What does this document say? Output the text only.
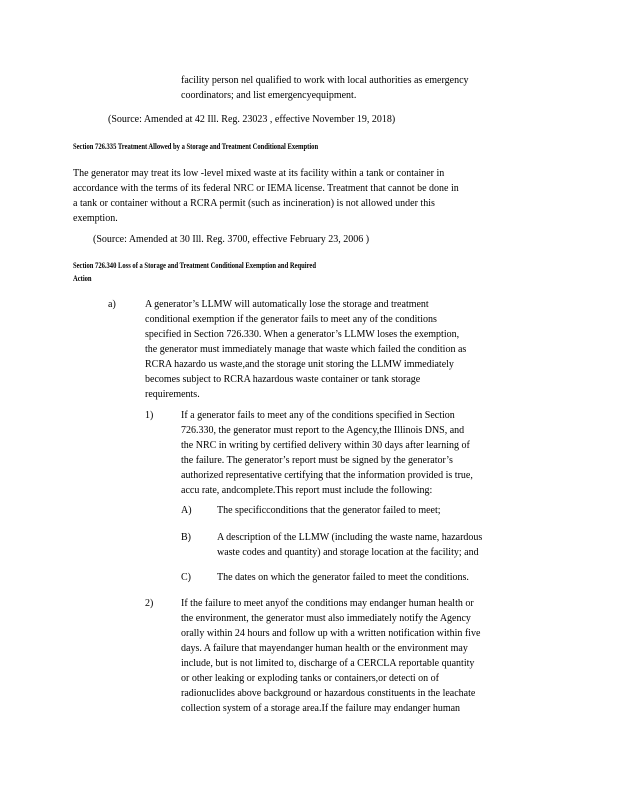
facility person nel qualified to work with local authorities as emergency
coordinators; and list emergencyequipment.
(Source: Amended at 42 Ill. Reg. 23023 , effective November 19, 2018)
Section 726.335 Treatment Allowed by a Storage and Treatment Conditional Exemption
The generator may treat its low -level mixed waste at its facility within a tank or container in
accordance with the terms of its federal NRC or IEMA license. Treatment that cannot be done in
a tank or container without a RCRA permit (such as incineration) is not allowed under this
exemption.
(Source: Amended at 30 Ill. Reg. 3700, effective February 23, 2006 )
Section 726.340 Loss of a Storage and Treatment Conditional Exemption and Required
Action
a)	A generator’s LLMW will automatically lose the storage and treatment
conditional exemption if the generator fails to meet any of the conditions
specified in Section 726.330. When a generator’s LLMW loses the exemption,
the generator must immediately manage that waste which failed the condition as
RCRA hazardo us waste,and the storage unit storing the LLMW immediately
becomes subject to RCRA hazardous waste container or tank storage
requirements.
1)	If a generator fails to meet any of the conditions specified in Section
726.330, the generator must report to the Agency,the Illinois DNS, and
the NRC in writing by certified delivery within 30 days after learning of
the failure. The generator’s report must be signed by the generator’s
authorized representative certifying that the information provided is true,
accu rate, andcomplete.This report must include the following:
A)	The specificconditions that the generator failed to meet;
B)	A description of the LLMW (including the waste name, hazardous
waste codes and quantity) and storage location at the facility; and
C)	The dates on which the generator failed to meet the conditions.
2)	If the failure to meet anyof the conditions may endanger human health or
the environment, the generator must also immediately notify the Agency
orally within 24 hours and follow up with a written notification within five
days. A failure that mayendanger human health or the environment may
include, but is not limited to, discharge of a CERCLA reportable quantity
or other leaking or exploding tanks or containers,or detecti on of
radionuclides above background or hazardous constituents in the leachate
collection system of a storage area.If the failure may endanger human
